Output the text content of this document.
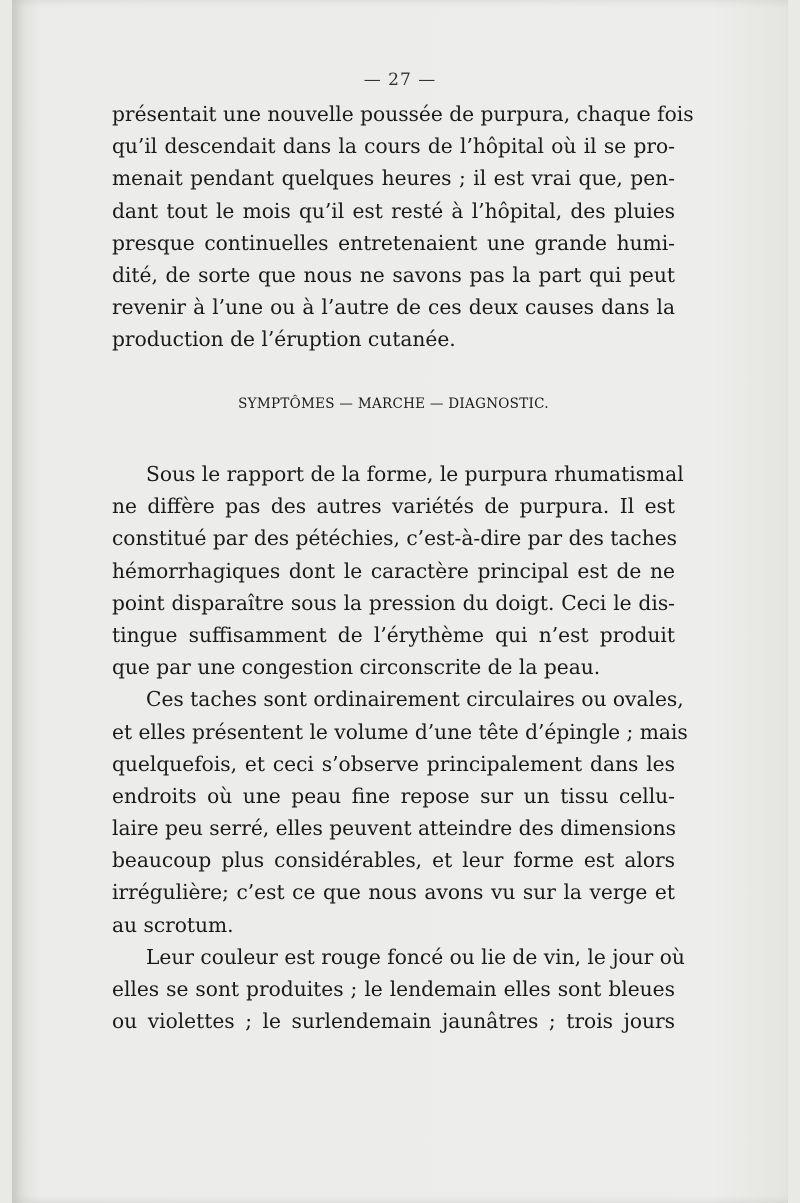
— 27 —
présentait une nouvelle poussée de purpura, chaque fois
qu’il descendait dans la cours de l’hôpital où il se pro-
menait pendant quelques heures ; il est vrai que, pen-
dant tout le mois qu’il est resté à l’hôpital, des pluies
presque continuelles entretenaient une grande humi-
dité, de sorte que nous ne savons pas la part qui peut
revenir à l’une ou à l’autre de ces deux causes dans la
production de l’éruption cutanée.
SYMPTÔMES — MARCHE — DIAGNOSTIC.
Sous le rapport de la forme, le purpura rhumatismal
ne diffère pas des autres variétés de purpura. Il est
constitué par des pétéchies, c’est-à-dire par des taches
hémorrhagiques dont le caractère principal est de ne
point disparaître sous la pression du doigt. Ceci le dis-
tingue suffisamment de l’érythème qui n’est produit
que par une congestion circonscrite de la peau.
Ces taches sont ordinairement circulaires ou ovales,
et elles présentent le volume d’une tête d’épingle ; mais
quelquefois, et ceci s’observe principalement dans les
endroits où une peau fine repose sur un tissu cellu-
laire peu serré, elles peuvent atteindre des dimensions
beaucoup plus considérables, et leur forme est alors
irrégulière; c’est ce que nous avons vu sur la verge et
au scrotum.
Leur couleur est rouge foncé ou lie de vin, le jour où
elles se sont produites ; le lendemain elles sont bleues
ou violettes ; le surlendemain jaunâtres ; trois jours
